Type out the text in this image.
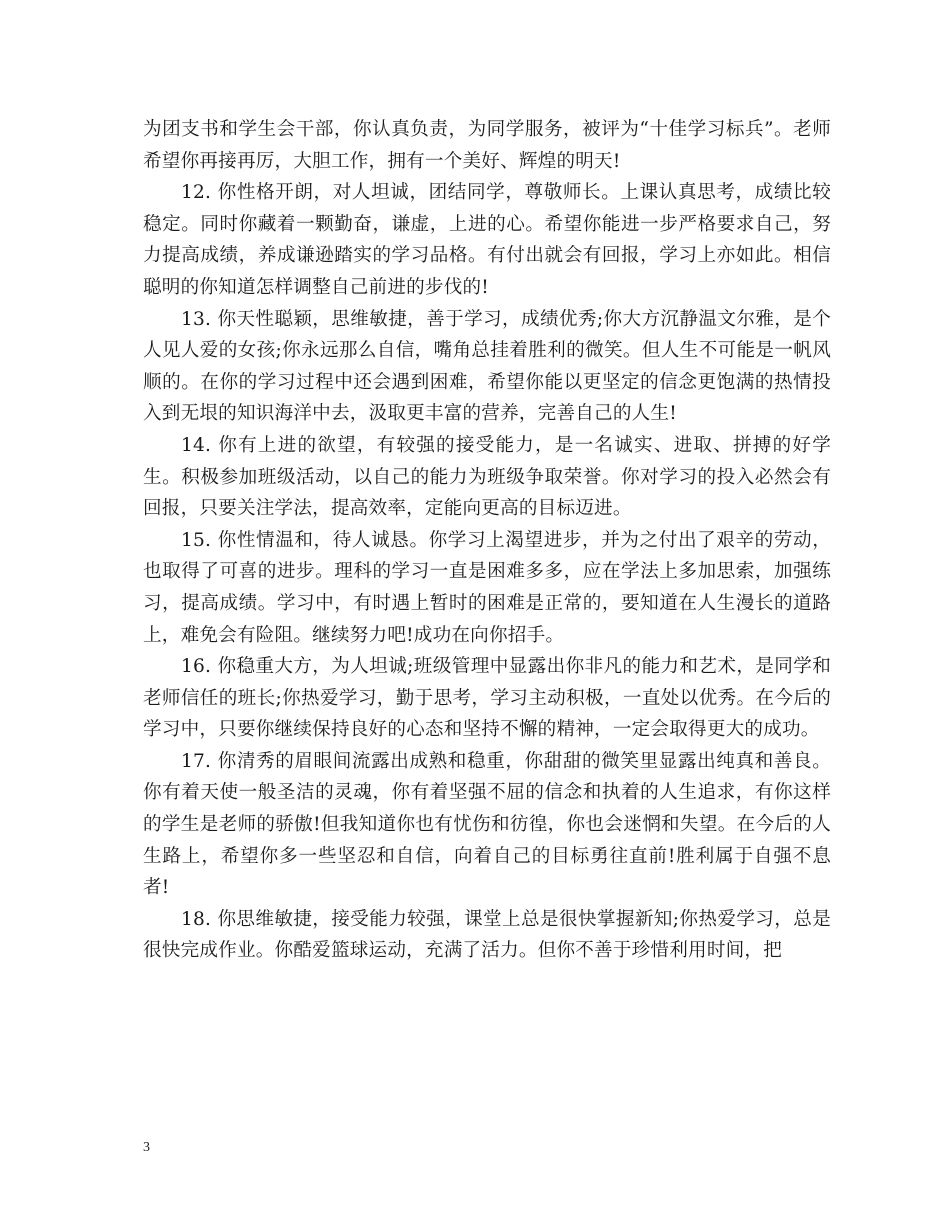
为团支书和学生会干部，你认真负责，为同学服务，被评为“十佳学习标兵”。老师希望你再接再厉，大胆工作，拥有一个美好、辉煌的明天!

12. 你性格开朗，对人坦诚，团结同学，尊敬师长。上课认真思考，成绩比较稳定。同时你藏着一颗勤奋，谦虚，上进的心。希望你能进一步严格要求自己，努力提高成绩，养成谦逊踏实的学习品格。有付出就会有回报，学习上亦如此。相信聪明的你知道怎样调整自己前进的步伐的!

13. 你天性聪颖，思维敏捷，善于学习，成绩优秀;你大方沉静温文尔雅，是个人见人爱的女孩;你永远那么自信，嘴角总挂着胜利的微笑。但人生不可能是一帆风顺的。在你的学习过程中还会遇到困难，希望你能以更坚定的信念更饱满的热情投入到无垠的知识海洋中去，汲取更丰富的营养，完善自己的人生!

14. 你有上进的欲望，有较强的接受能力，是一名诚实、进取、拼搏的好学生。积极参加班级活动，以自己的能力为班级争取荣誉。你对学习的投入必然会有回报，只要关注学法，提高效率，定能向更高的目标迈进。

15. 你性情温和，待人诚恳。你学习上渴望进步，并为之付出了艰辛的劳动，也取得了可喜的进步。理科的学习一直是困难多多，应在学法上多加思索，加强练习，提高成绩。学习中，有时遇上暂时的困难是正常的，要知道在人生漫长的道路上，难免会有险阻。继续努力吧!成功在向你招手。

16. 你稳重大方，为人坦诚;班级管理中显露出你非凡的能力和艺术，是同学和老师信任的班长;你热爱学习，勤于思考，学习主动积极，一直处以优秀。在今后的学习中，只要你继续保持良好的心态和坚持不懈的精神，一定会取得更大的成功。

17. 你清秀的眉眼间流露出成熟和稳重，你甜甜的微笑里显露出纯真和善良。你有着天使一般圣洁的灵魂，你有着坚强不屈的信念和执着的人生追求，有你这样的学生是老师的骄傲!但我知道你也有忧伤和彷徨，你也会迷惘和失望。在今后的人生路上，希望你多一些坚忍和自信，向着自己的目标勇往直前!胜利属于自强不息者!

18. 你思维敏捷，接受能力较强，课堂上总是很快掌握新知;你热爱学习，总是很快完成作业。你酷爱篮球运动，充满了活力。但你不善于珍惜利用时间，把

3
